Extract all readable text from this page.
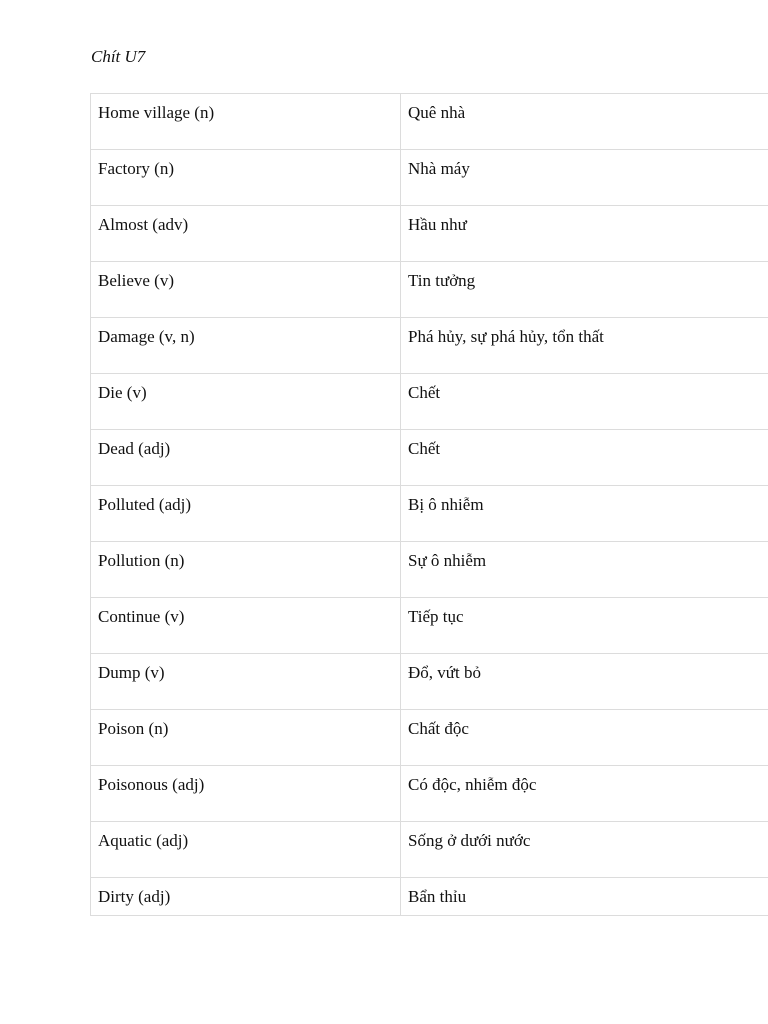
Chít U7
Home village (n)	Quê nhà

Factory (n)	Nhà máy

Almost (adv)	Hầu như

Believe (v)	Tin tưởng

Damage (v, n)	Phá hủy, sự phá hủy, tổn thất

Die (v)	Chết

Dead (adj)	Chết

Polluted (adj)	Bị ô nhiễm

Pollution (n)	Sự ô nhiễm

Continue (v)	Tiếp tục

Dump (v)	Đổ, vứt bỏ

Poison (n)	Chất độc

Poisonous (adj)	Có độc, nhiễm độc

Aquatic (adj)	Sống ở dưới nước

Dirty (adj)	Bẩn thỉu
